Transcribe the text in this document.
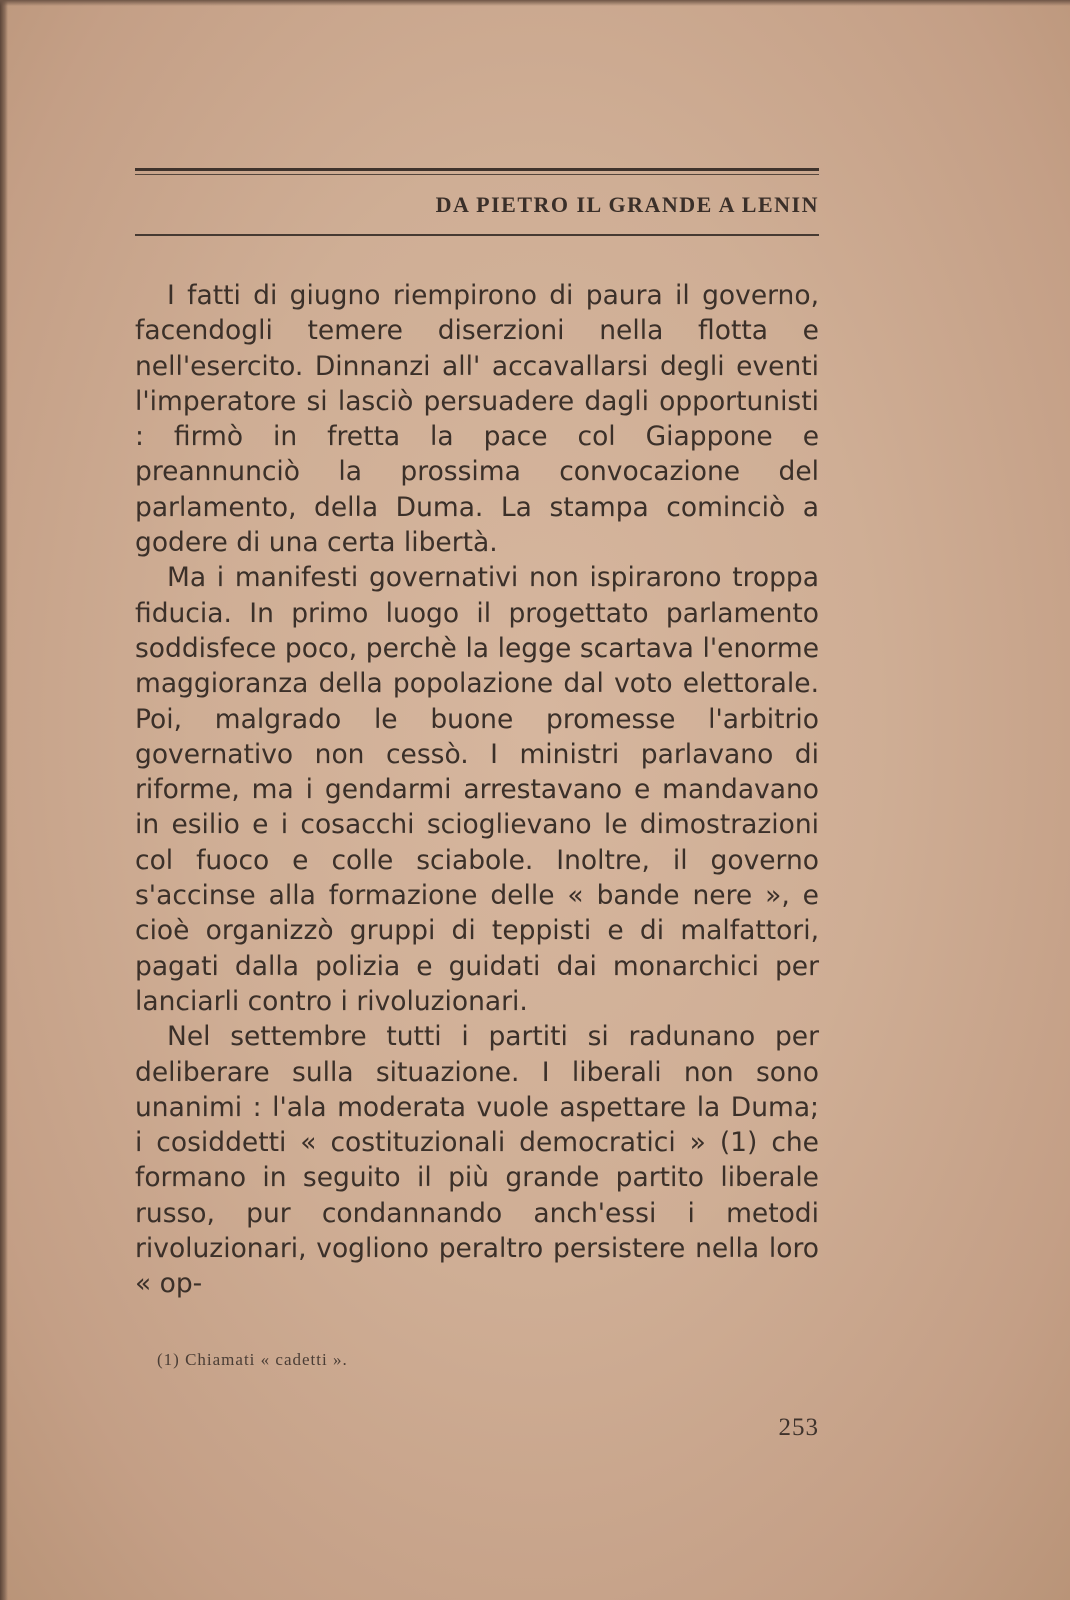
DA PIETRO IL GRANDE A LENIN

I fatti di giugno riempirono di paura il governo, facendogli temere diserzioni nella flotta e nell'esercito. Dinnanzi all' accavallarsi degli eventi l'imperatore si lasciò persuadere dagli opportunisti : firmò in fretta la pace col Giappone e preannunciò la prossima convocazione del parlamento, della Duma. La stampa cominciò a godere di una certa libertà.

Ma i manifesti governativi non ispirarono troppa fiducia. In primo luogo il progettato parlamento soddisfece poco, perchè la legge scartava l'enorme maggioranza della popolazione dal voto elettorale. Poi, malgrado le buone promesse l'arbitrio governativo non cessò. I ministri parlavano di riforme, ma i gendarmi arrestavano e mandavano in esilio e i cosacchi scioglievano le dimostrazioni col fuoco e colle sciabole. Inoltre, il governo s'accinse alla formazione delle « bande nere », e cioè organizzò gruppi di teppisti e di malfattori, pagati dalla polizia e guidati dai monarchici per lanciarli contro i rivoluzionari.

Nel settembre tutti i partiti si radunano per deliberare sulla situazione. I liberali non sono unanimi : l'ala moderata vuole aspettare la Duma; i cosiddetti « costituzionali democratici » (1) che formano in seguito il più grande partito liberale russo, pur condannando anch'essi i metodi rivoluzionari, vogliono peraltro persistere nella loro « op-

(1) Chiamati « cadetti ».
253
